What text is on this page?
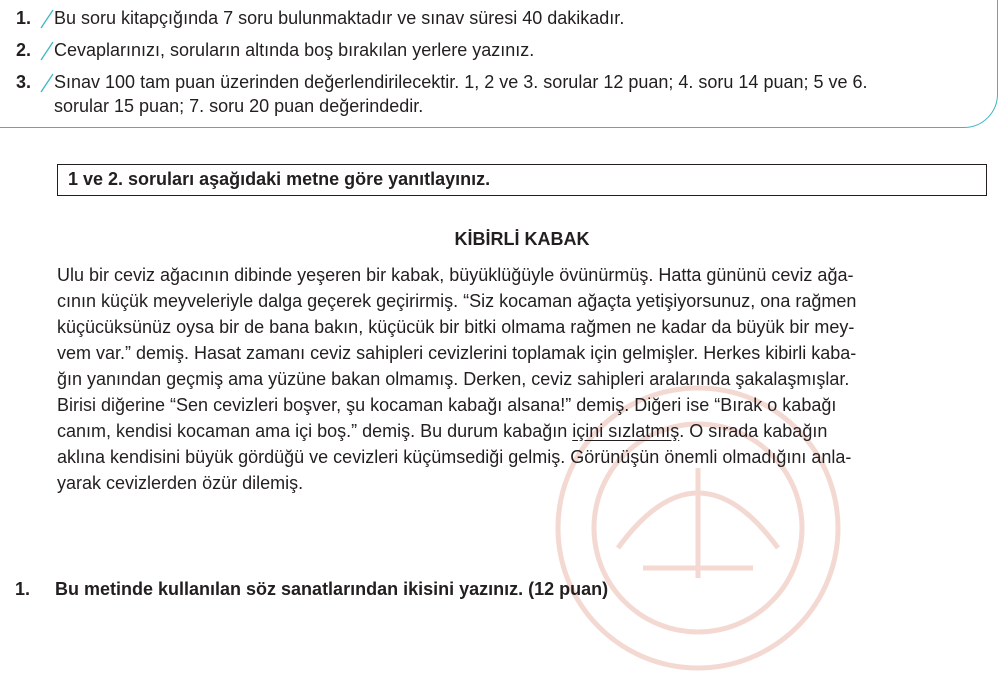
1. Bu soru kitapçığında 7 soru bulunmaktadır ve sınav süresi 40 dakikadır.
2. Cevaplarınızı, soruların altında boş bırakılan yerlere yazınız.
3. Sınav 100 tam puan üzerinden değerlendirilecektir. 1, 2 ve 3. sorular 12 puan; 4. soru 14 puan; 5 ve 6.
sorular 15 puan; 7. soru 20 puan değerindedir.
1 ve 2. soruları aşağıdaki metne göre yanıtlayınız.
KİBİRLİ KABAK
Ulu bir ceviz ağacının dibinde yeşeren bir kabak, büyüklüğüyle övünürmüş. Hatta gününü ceviz ağa-
cının küçük meyveleriyle dalga geçerek geçirirmiş. “Siz kocaman ağaçta yetişiyorsunuz, ona rağmen
küçücüksünüz oysa bir de bana bakın, küçücük bir bitki olmama rağmen ne kadar da büyük bir mey-
vem var.” demiş. Hasat zamanı ceviz sahipleri cevizlerini toplamak için gelmişler. Herkes kibirli kaba-
ğın yanından geçmiş ama yüzüne bakan olmamış. Derken, ceviz sahipleri aralarında şakalaşmışlar.
Birisi diğerine “Sen cevizleri boşver, şu kocaman kabağı alsana!” demiş. Diğeri ise “Bırak o kabağı
canım, kendisi kocaman ama içi boş.” demiş. Bu durum kabağın içini sızlatmış. O sırada kabağın
aklına kendisini büyük gördüğü ve cevizleri küçümsediği gelmiş. Görünüşün önemli olmadığını anla-
yarak cevizlerden özür dilemiş.
1. Bu metinde kullanılan söz sanatlarından ikisini yazınız. (12 puan)
